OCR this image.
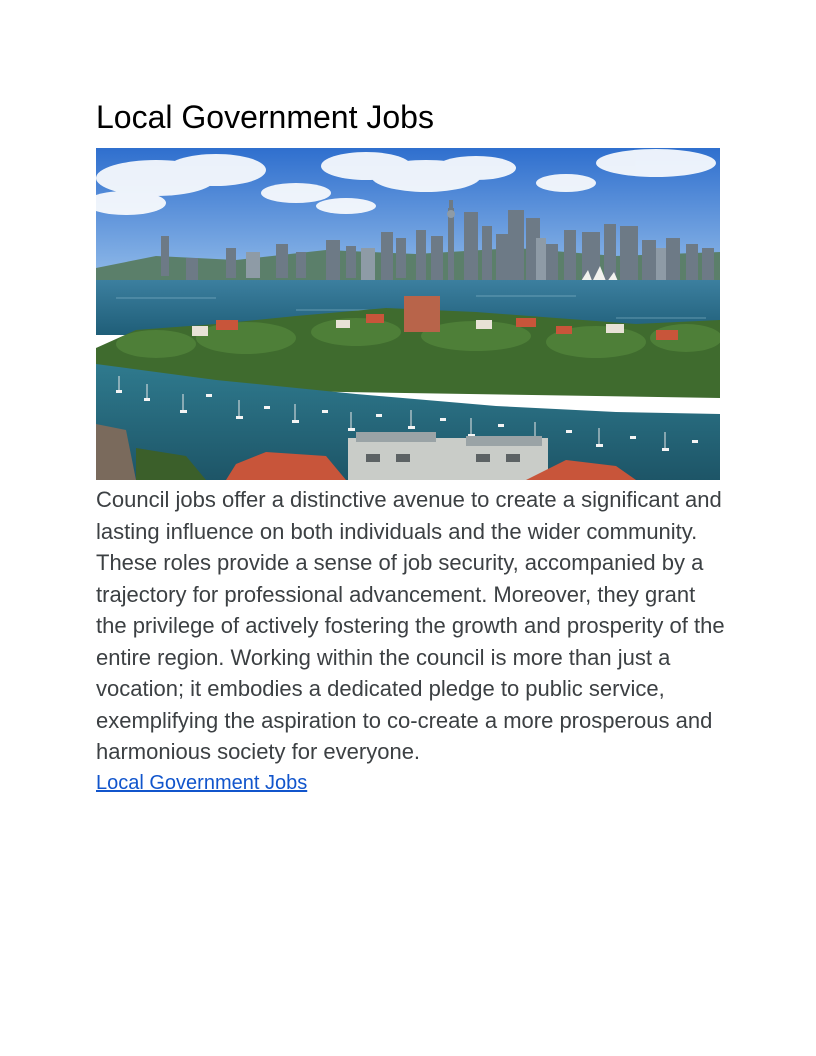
Local Government Jobs

Council jobs offer a distinctive avenue to create a significant and lasting influence on both individuals and the wider community. These roles provide a sense of job security, accompanied by a trajectory for professional advancement. Moreover, they grant the privilege of actively fostering the growth and prosperity of the entire region. Working within the council is more than just a vocation; it embodies a dedicated pledge to public service, exemplifying the aspiration to co-create a more prosperous and harmonious society for everyone.

Local Government Jobs
